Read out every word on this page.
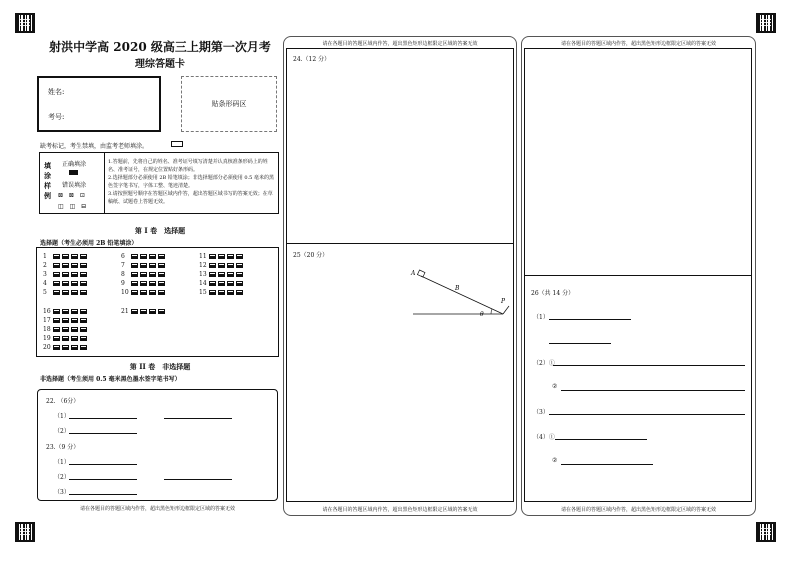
射洪中学高 2020 级高三上期第一次月考
理综答题卡
姓名:
考号:
贴条形码区
缺考标记，考生禁填，由监考老师填涂。
填
涂
样
例
正确填涂
错误填涂
⊠ ⊠ ⊡
◫ ◫ ⊟
1.答题前，先将自己的姓名、准考证号填写清楚并认真核准条形码上的姓名、准考证号，在规定位置贴好条形码。
2.选择题部分必须使用 2B 铅笔填涂；非选择题部分必须使用 0.5 毫米的黑色签字笔书写，字体工整、笔迹清楚。
3.请按照题号顺序在答题区域内作答，超出答题区域书写的答案无效；在草稿纸、试题卷上答题无效。
第 I 卷　选择题
选择题（考生必须用 2B 铅笔填涂）
1
2
3
4
5
6
7
8
9
10
11
12
13
14
15
16
17
18
19
20
21
第 II 卷　非选择题
非选择题（考生须用 0.5 毫米黑色墨水签字笔书写）
22. （6分）
（1）
（2）
23.（9 分）
（1）
（2）
（3）
请在各题目的答题区域内作答，超出黑色矩形边框限定区域的答案无效
请在各题目的答题区域内作答，超出黑色矩形边框限定区域的答案无效
24.（12 分）
25（20 分）
A
B
P
θ
请在各题目的答题区域内作答，超出黑色矩形边框限定区域的答案无效
请在各题目的答题区域内作答，超出黑色矩形边框限定区域的答案无效
26（共 14 分）
（1）
（2）①
②
（3）
（4）①
②
请在各题目的答题区域内作答，超出黑色矩形边框限定区域的答案无效
